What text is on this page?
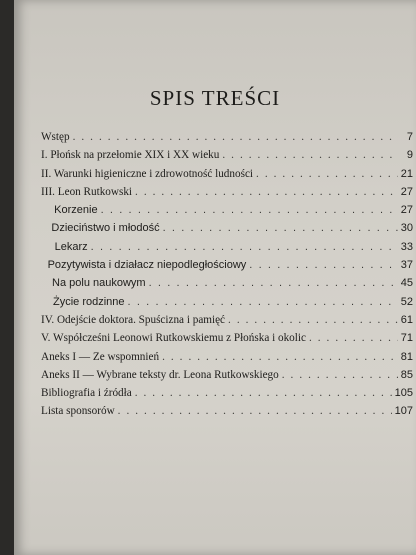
SPIS TREŚCI
Wstęp . . .	7
I. Płońsk na przełomie XIX i XX wieku . . .	9
II. Warunki higieniczne i zdrowotność ludności . . .	21
III. Leon Rutkowski . . .	27
Korzenie . . .	27
Dzieciństwo i młodość . . .	30
Lekarz . . .	33
Pozytywista i działacz niepodległościowy . . .	37
Na polu naukowym . . .	45
Życie rodzinne . . .	52
IV. Odejście doktora. Spuścizna i pamięć . . .	61
V. Współcześni Leonowi Rutkowskiemu z Płońska i okolic . . .	71
Aneks I — Ze wspomnień . . .	81
Aneks II — Wybrane teksty dr. Leona Rutkowskiego . . .	85
Bibliografia i źródła . . .	105
Lista sponsorów . . .	107
